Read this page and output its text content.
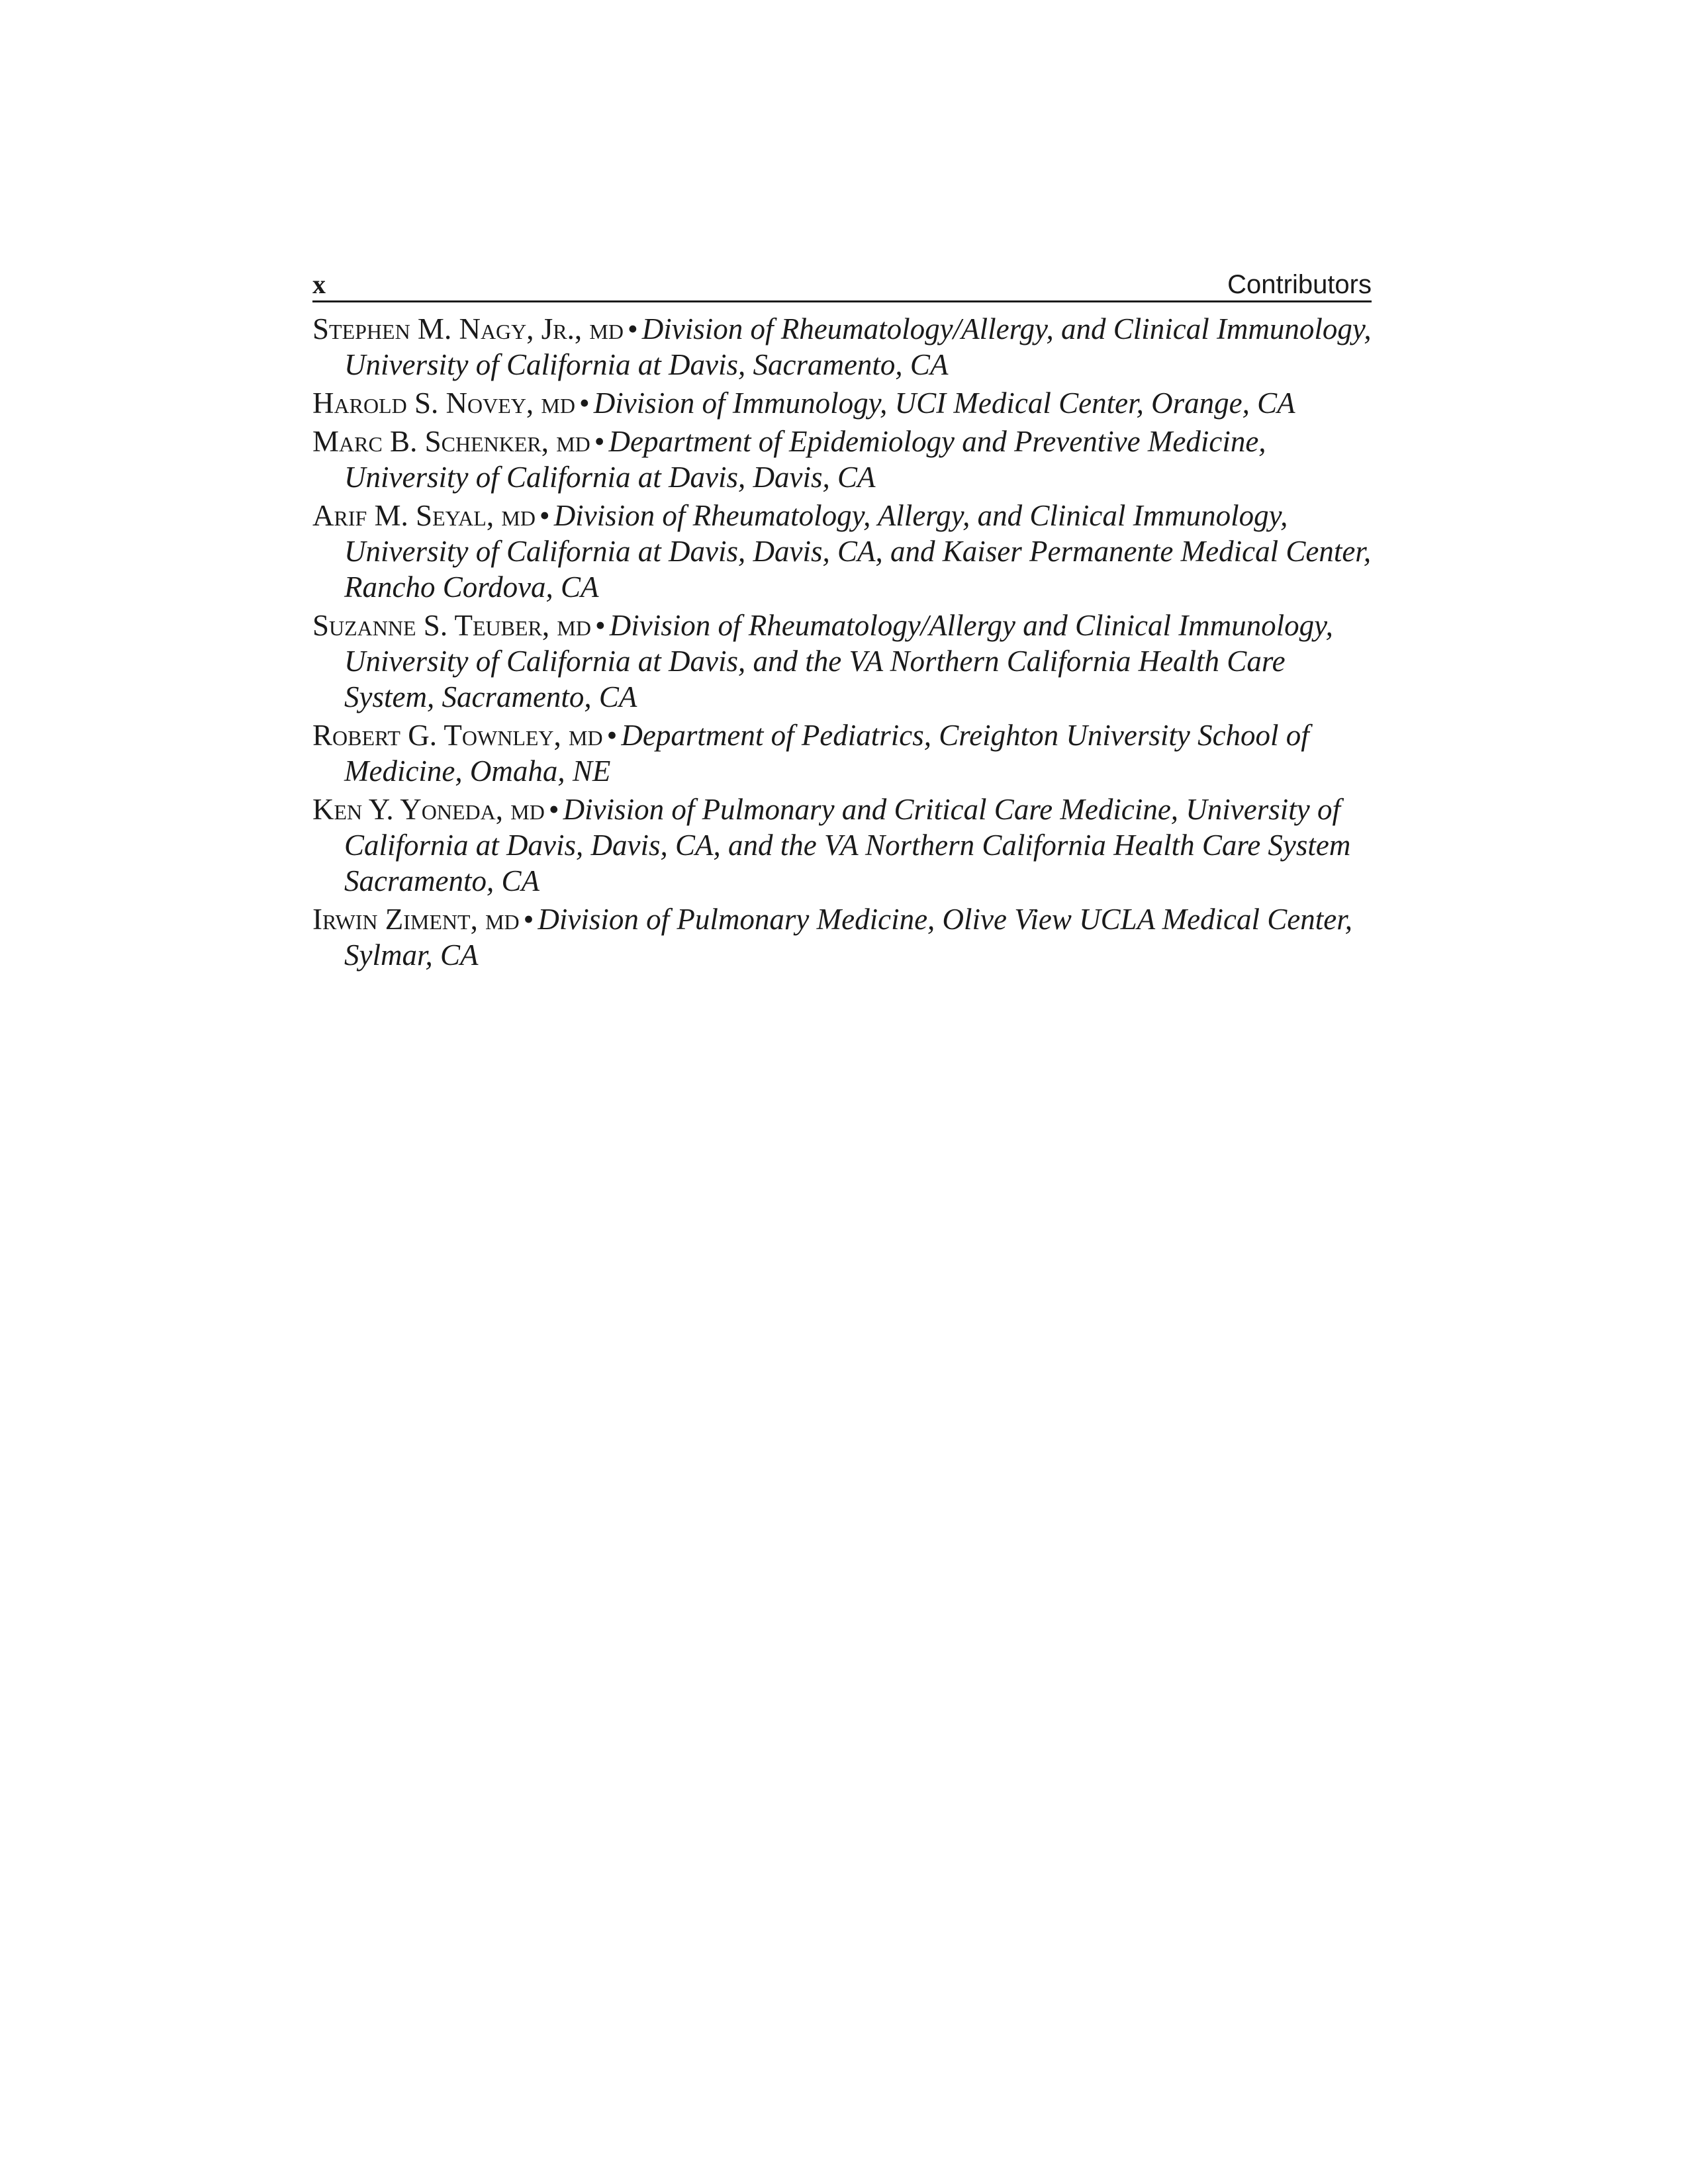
x	Contributors

Stephen M. Nagy, Jr., md • Division of Rheumatology/Allergy, and Clinical Immunology, University of California at Davis, Sacramento, CA

Harold S. Novey, md • Division of Immunology, UCI Medical Center, Orange, CA

Marc B. Schenker, md • Department of Epidemiology and Preventive Medicine, University of California at Davis, Davis, CA

Arif M. Seyal, md • Division of Rheumatology, Allergy, and Clinical Immunology, University of California at Davis, Davis, CA, and Kaiser Permanente Medical Center, Rancho Cordova, CA

Suzanne S. Teuber, md • Division of Rheumatology/Allergy and Clinical Immunology, University of California at Davis, and the VA Northern California Health Care System, Sacramento, CA

Robert G. Townley, md • Department of Pediatrics, Creighton University School of Medicine, Omaha, NE

Ken Y. Yoneda, md • Division of Pulmonary and Critical Care Medicine, University of California at Davis, Davis, CA, and the VA Northern California Health Care System Sacramento, CA

Irwin Ziment, md • Division of Pulmonary Medicine, Olive View UCLA Medical Center, Sylmar, CA
